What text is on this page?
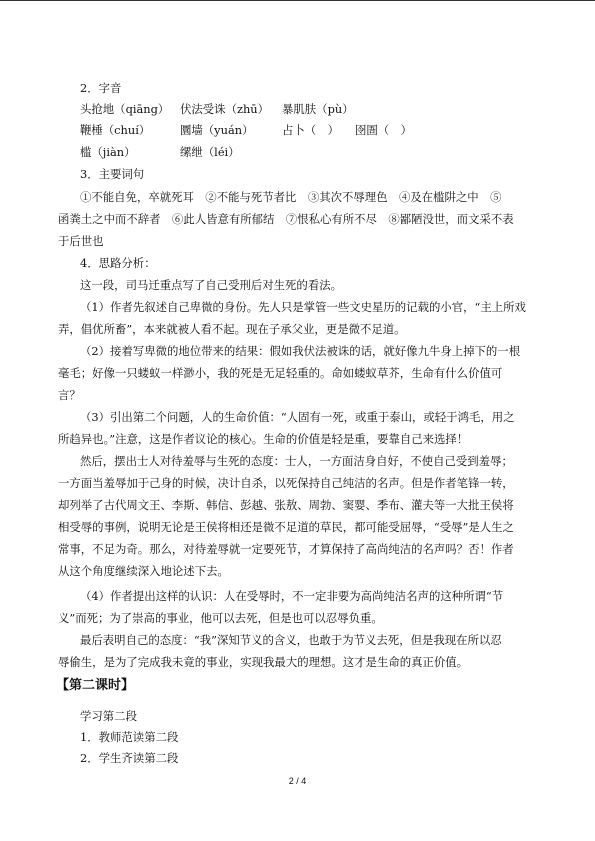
2．字音
头抢地（qiāng） 伏法受诛（zhū） 暴肌肤（pù）
鞭棰（chuí）	圜墙（yuán）	占卜（　） 囹圄（　）
槛（jiàn）	缧绁（léi）
3．主要词句
①不能自免，卒就死耳　②不能与死节者比　③其次不辱理色　④及在槛阱之中　⑤
函粪土之中而不辞者　⑥此人皆意有所郁结　⑦恨私心有所不尽　⑧鄙陋没世，而文采不表
于后世也
4．思路分析：
这一段，司马迁重点写了自己受刑后对生死的看法。
（1）作者先叙述自己卑微的身份。先人只是掌管一些文史星历的记载的小官，“主上所戏
弄，倡优所畜”，本来就被人看不起。现在子承父业，更是微不足道。
（2）接着写卑微的地位带来的结果：假如我伏法被诛的话，就好像九牛身上掉下的一根
毫毛；好像一只蝼蚁一样渺小，我的死是无足轻重的。命如蝼蚁草芥，生命有什么价值可
言？
（3）引出第二个问题，人的生命价值：“人固有一死，或重于泰山，或轻于鸿毛，用之
所趋异也。”注意，这是作者议论的核心。生命的价值是轻是重，要靠自己来选择！
然后，摆出士人对待羞辱与生死的态度：士人，一方面洁身自好，不使自己受到羞辱；
一方面当羞辱加于己身的时候，决计自杀，以死保持自己纯洁的名声。但是作者笔锋一转，
却列举了古代周文王、李斯、韩信、彭越、张敖、周勃、窦婴、季布、灌夫等一大批王侯将
相受辱的事例，说明无论是王侯将相还是微不足道的草民，都可能受屈辱，“受辱”是人生之
常事，不足为奇。那么，对待羞辱就一定要死节，才算保持了高尚纯洁的名声吗？否！作者
从这个角度继续深入地论述下去。
（4）作者提出这样的认识：人在受辱时，不一定非要为高尚纯洁名声的这种所谓“节
义”而死；为了崇高的事业，他可以去死，但是也可以忍辱负重。
最后表明自己的态度：“我”深知节义的含义，也敢于为节义去死，但是我现在所以忍
辱偷生，是为了完成我未竟的事业，实现我最大的理想。这才是生命的真正价值。
【第二课时】
学习第二段
1．教师范读第二段
2．学生齐读第二段
2 / 4
